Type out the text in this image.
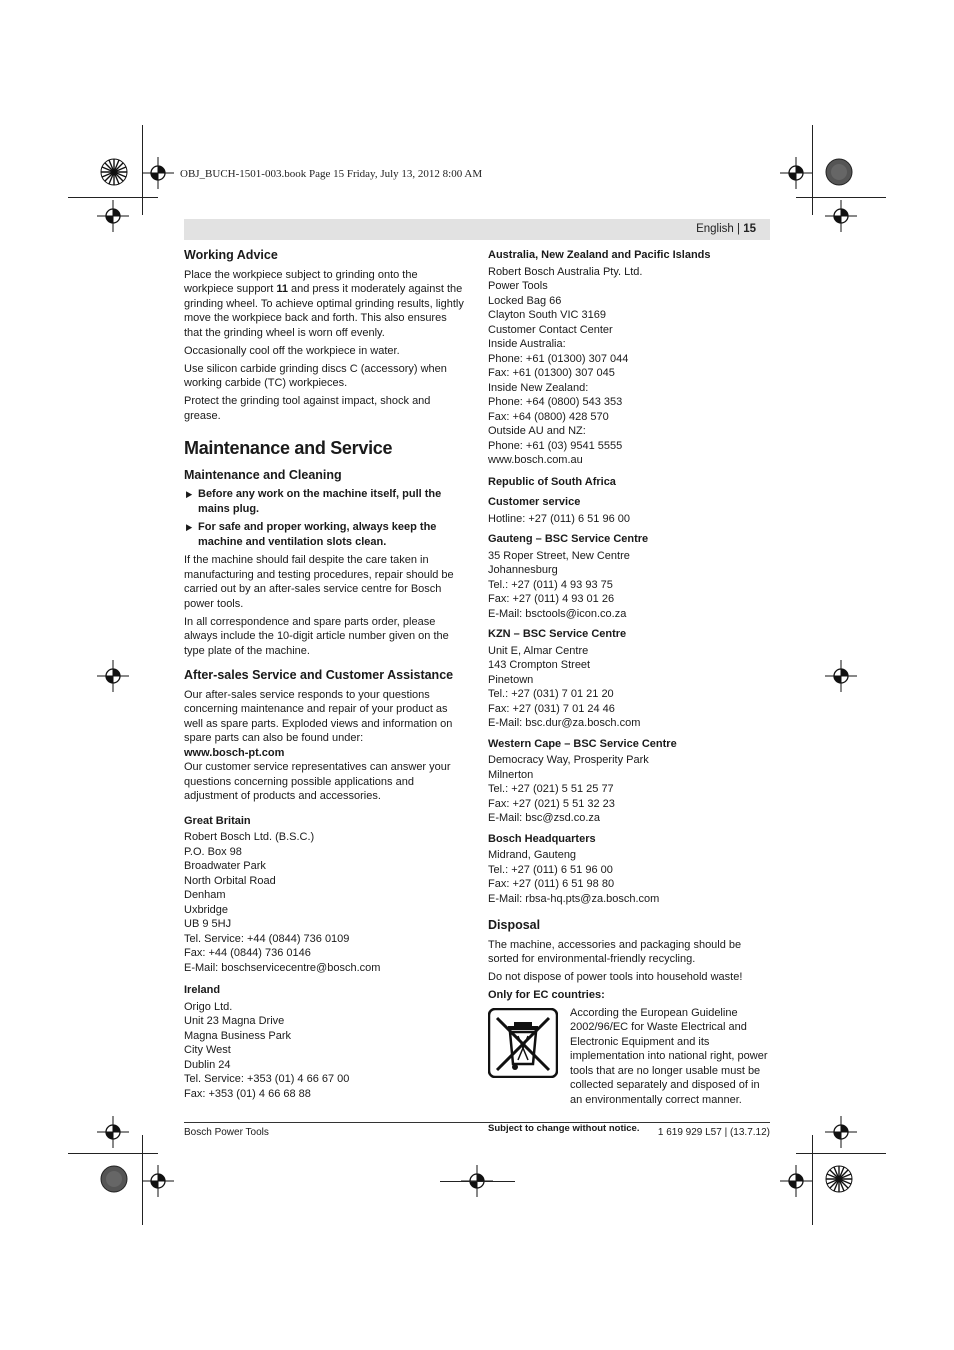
OBJ_BUCH-1501-003.book Page 15 Friday, July 13, 2012 8:00 AM
English | 15
Working Advice

Place the workpiece subject to grinding onto the workpiece support 11 and press it moderately against the grinding wheel. To achieve optimal grinding results, lightly move the workpiece back and forth. This also ensures that the grinding wheel is worn off evenly.

Occasionally cool off the workpiece in water.

Use silicon carbide grinding discs C (accessory) when working carbide (TC) workpieces.

Protect the grinding tool against impact, shock and grease.

Maintenance and Service
Maintenance and Cleaning
▶ Before any work on the machine itself, pull the mains plug.
▶ For safe and proper working, always keep the machine and ventilation slots clean.

If the machine should fail despite the care taken in manufacturing and testing procedures, repair should be carried out by an after-sales service centre for Bosch power tools.

In all correspondence and spare parts order, please always include the 10-digit article number given on the type plate of the machine.

After-sales Service and Customer Assistance

Our after-sales service responds to your questions concerning maintenance and repair of your product as well as spare parts. Exploded views and information on spare parts can also be found under:

www.bosch-pt.com

Our customer service representatives can answer your questions concerning possible applications and adjustment of products and accessories.

Great Britain
Robert Bosch Ltd. (B.S.C.)
P.O. Box 98
Broadwater Park
North Orbital Road
Denham
Uxbridge
UB 9 5HJ
Tel. Service: +44 (0844) 736 0109
Fax: +44 (0844) 736 0146
E-Mail: boschservicecentre@bosch.com
Ireland
Origo Ltd.
Unit 23 Magna Drive
Magna Business Park
City West
Dublin 24
Tel. Service: +353 (01) 4 66 67 00
Fax: +353 (01) 4 66 68 88
Australia, New Zealand and Pacific Islands
Robert Bosch Australia Pty. Ltd.
Power Tools
Locked Bag 66
Clayton South VIC 3169
Customer Contact Center
Inside Australia:
Phone: +61 (01300) 307 044
Fax: +61 (01300) 307 045
Inside New Zealand:
Phone: +64 (0800) 543 353
Fax: +64 (0800) 428 570
Outside AU and NZ:
Phone: +61 (03) 9541 5555
www.bosch.com.au
Republic of South Africa
Customer service
Hotline: +27 (011) 6 51 96 00
Gauteng – BSC Service Centre
35 Roper Street, New Centre
Johannesburg
Tel.: +27 (011) 4 93 93 75
Fax: +27 (011) 4 93 01 26
E-Mail: bsctools@icon.co.za
KZN – BSC Service Centre
Unit E, Almar Centre
143 Crompton Street
Pinetown
Tel.: +27 (031) 7 01 21 20
Fax: +27 (031) 7 01 24 46
E-Mail: bsc.dur@za.bosch.com
Western Cape – BSC Service Centre
Democracy Way, Prosperity Park
Milnerton
Tel.: +27 (021) 5 51 25 77
Fax: +27 (021) 5 51 32 23
E-Mail: bsc@zsd.co.za
Bosch Headquarters
Midrand, Gauteng
Tel.: +27 (011) 6 51 96 00
Fax: +27 (011) 6 51 98 80
E-Mail: rbsa-hq.pts@za.bosch.com
Disposal

The machine, accessories and packaging should be sorted for environmental-friendly recycling.

Do not dispose of power tools into household waste!

Only for EC countries:
According the European Guideline 2002/96/EC for Waste Electrical and Electronic Equipment and its implementation into national right, power tools that are no longer usable must be collected separately and disposed of in an environmentally correct manner.
Subject to change without notice.
Bosch Power Tools	1 619 929 L57 | (13.7.12)
